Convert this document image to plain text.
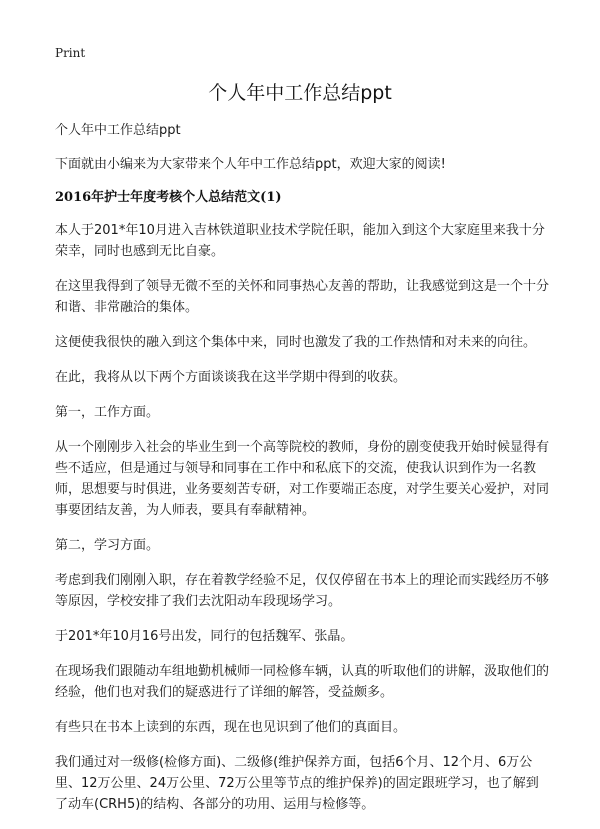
Print
个人年中工作总结ppt

个人年中工作总结ppt

下面就由小编来为大家带来个人年中工作总结ppt，欢迎大家的阅读!

2016年护士年度考核个人总结范文(1)

本人于201*年10月进入吉林铁道职业技术学院任职，能加入到这个大家庭里来我十分荣幸，同时也感到无比自豪。

在这里我得到了领导无微不至的关怀和同事热心友善的帮助，让我感觉到这是一个十分和谐、非常融洽的集体。

这便使我很快的融入到这个集体中来，同时也激发了我的工作热情和对未来的向往。

在此，我将从以下两个方面谈谈我在这半学期中得到的收获。

第一，工作方面。

从一个刚刚步入社会的毕业生到一个高等院校的教师，身份的剧变使我开始时候显得有些不适应，但是通过与领导和同事在工作中和私底下的交流，使我认识到作为一名教师，思想要与时俱进，业务要刻苦专研，对工作要端正态度，对学生要关心爱护，对同事要团结友善，为人师表，要具有奉献精神。

第二，学习方面。

考虑到我们刚刚入职，存在着教学经验不足，仅仅停留在书本上的理论而实践经历不够等原因，学校安排了我们去沈阳动车段现场学习。

于201*年10月16号出发，同行的包括魏军、张晶。

在现场我们跟随动车组地勤机械师一同检修车辆，认真的听取他们的讲解，汲取他们的经验，他们也对我们的疑惑进行了详细的解答，受益颇多。

有些只在书本上读到的东西，现在也见识到了他们的真面目。

我们通过对一级修(检修方面)、二级修(维护保养方面，包括6个月、12个月、6万公里、12万公里、24万公里、72万公里等节点的维护保养)的固定跟班学习，也了解到了动车(CRH5)的结构、各部分的功用、运用与检修等。
